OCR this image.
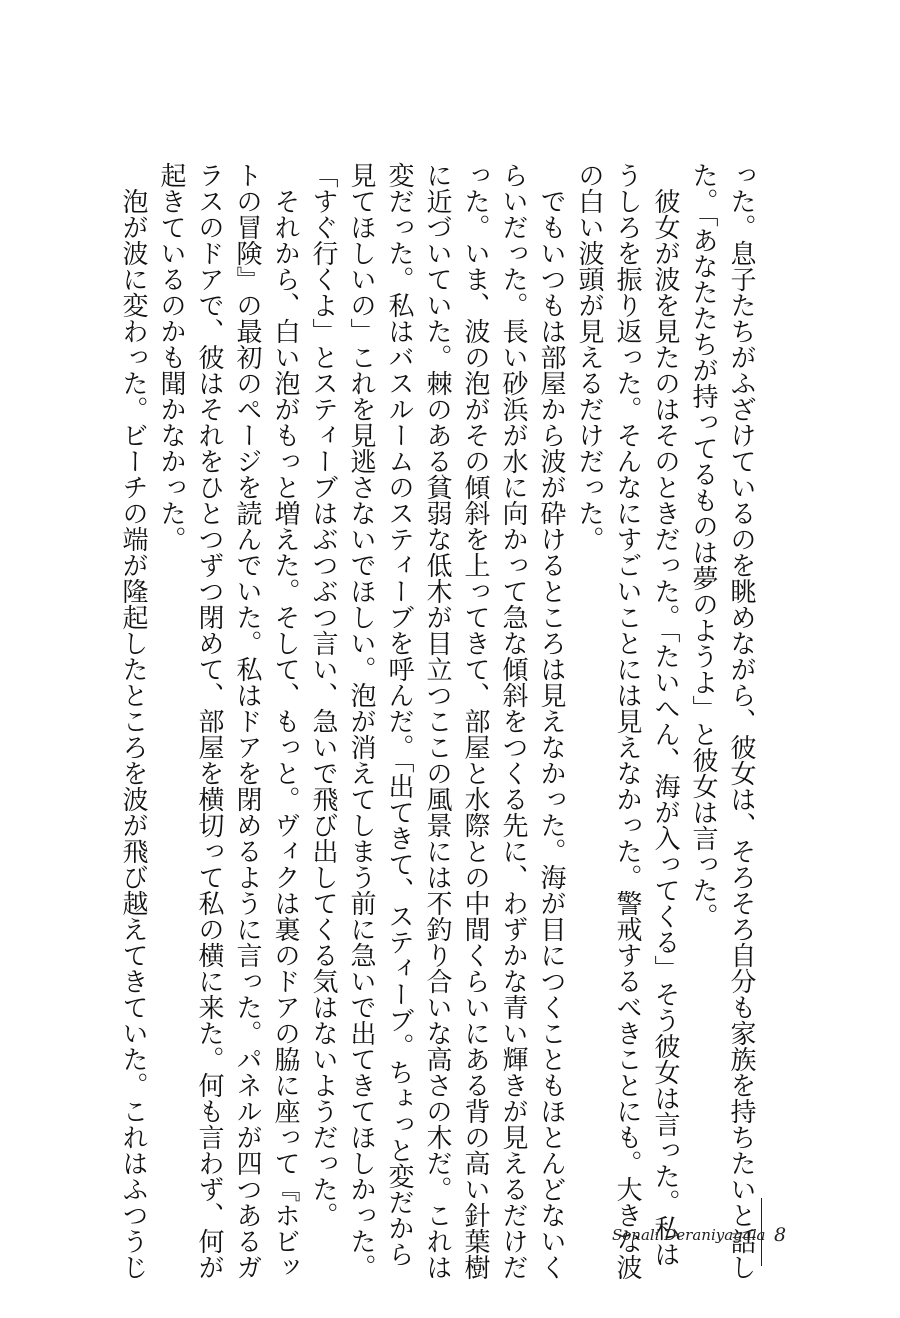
った。息子たちがふざけているのを眺めながら、彼女は、そろそろ自分も家族を持ちたいと話し

た。「あなたたちが持ってるものは夢のようよ」と彼女は言った。

　彼女が波を見たのはそのときだった。「たいへん、海が入ってくる」そう彼女は言った。私は

うしろを振り返った。そんなにすごいことには見えなかった。警戒するべきことにも。大きな波

の白い波頭が見えるだけだった。

　でもいつもは部屋から波が砕けるところは見えなかった。海が目につくこともほとんどないく

らいだった。長い砂浜が水に向かって急な傾斜をつくる先に、わずかな青い輝きが見えるだけだ

った。いま、波の泡がその傾斜を上ってきて、部屋と水際との中間くらいにある背の高い針葉樹

に近づいていた。棘のある貧弱な低木が目立つここの風景には不釣り合いな高さの木だ。これは

変だった。私はバスルームのスティーブを呼んだ。「出てきて、スティーブ。ちょっと変だから

見てほしいの」これを見逃さないでほしい。泡が消えてしまう前に急いで出てきてほしかった。

「すぐ行くよ」とスティーブはぶつぶつ言い、急いで飛び出してくる気はないようだった。

　それから、白い泡がもっと増えた。そして、もっと。ヴィクは裏のドアの脇に座って『ホビッ

トの冒険』の最初のページを読んでいた。私はドアを閉めるように言った。パネルが四つあるガ

ラスのドアで、彼はそれをひとつずつ閉めて、部屋を横切って私の横に来た。何も言わず、何が

起きているのかも聞かなかった。

　泡が波に変わった。ビーチの端が隆起したところを波が飛び越えてきていた。これはふつうじ	Sonali Deraniyagala 8
